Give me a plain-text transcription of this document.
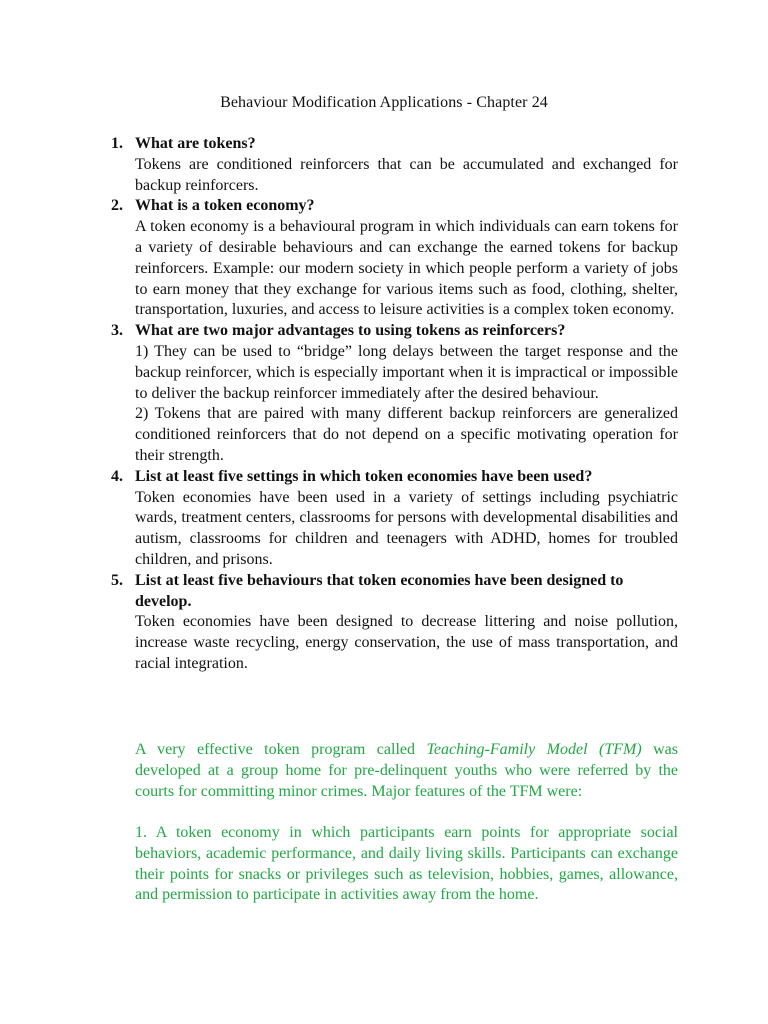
Behaviour Modification Applications - Chapter 24
1. What are tokens?
Tokens are conditioned reinforcers that can be accumulated and exchanged for backup reinforcers.
2. What is a token economy?
A token economy is a behavioural program in which individuals can earn tokens for a variety of desirable behaviours and can exchange the earned tokens for backup reinforcers. Example: our modern society in which people perform a variety of jobs to earn money that they exchange for various items such as food, clothing, shelter, transportation, luxuries, and access to leisure activities is a complex token economy.
3. What are two major advantages to using tokens as reinforcers?
1) They can be used to “bridge” long delays between the target response and the backup reinforcer, which is especially important when it is impractical or impossible to deliver the backup reinforcer immediately after the desired behaviour.
2) Tokens that are paired with many different backup reinforcers are generalized conditioned reinforcers that do not depend on a specific motivating operation for their strength.
4. List at least five settings in which token economies have been used?
Token economies have been used in a variety of settings including psychiatric wards, treatment centers, classrooms for persons with developmental disabilities and autism, classrooms for children and teenagers with ADHD, homes for troubled children, and prisons.
5. List at least five behaviours that token economies have been designed to develop.
Token economies have been designed to decrease littering and noise pollution, increase waste recycling, energy conservation, the use of mass transportation, and racial integration.

A very effective token program called Teaching-Family Model (TFM) was developed at a group home for pre-delinquent youths who were referred by the courts for committing minor crimes. Major features of the TFM were:

1. A token economy in which participants earn points for appropriate social behaviors, academic performance, and daily living skills. Participants can exchange their points for snacks or privileges such as television, hobbies, games, allowance, and permission to participate in activities away from the home.
